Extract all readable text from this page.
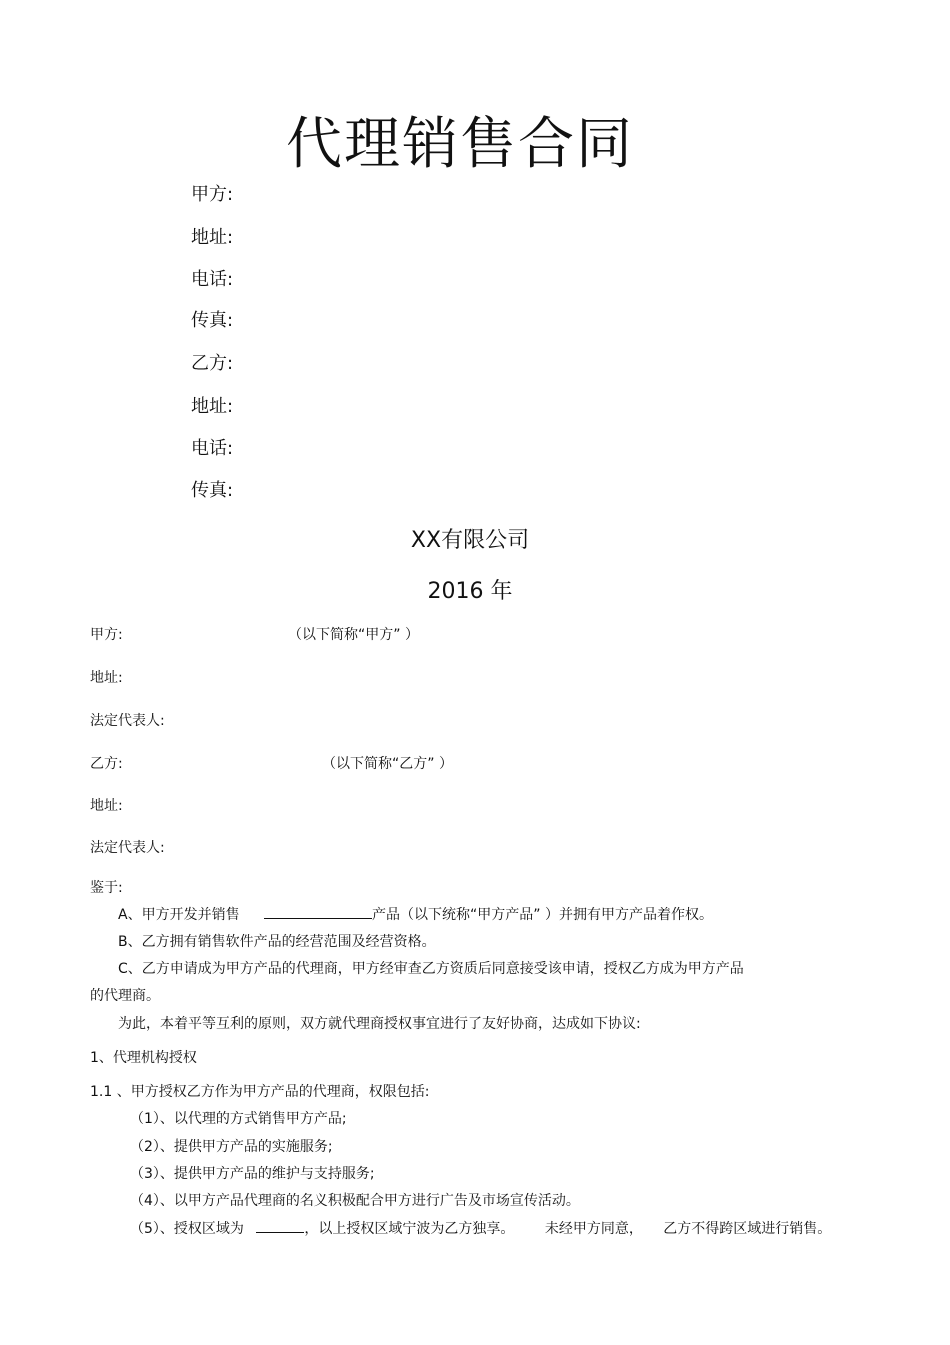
代理销售合同
甲方:
地址:
电话:
传真:
乙方:
地址:
电话:
传真:
XX有限公司
2016 年
甲方:	（以下简称“甲方” ）
地址:
法定代表人:
乙方:	（以下简称“乙方” ）
地址:
法定代表人:
鉴于:
A、甲方开发并销售	产品（以下统称“甲方产品” ）并拥有甲方产品着作权。
B、乙方拥有销售软件产品的经营范围及经营资格。
C、乙方申请成为甲方产品的代理商，甲方经审查乙方资质后同意接受该申请，授权乙方成为甲方产品
的代理商。
为此，本着平等互利的原则，双方就代理商授权事宜进行了友好协商，达成如下协议:
1、代理机构授权
1.1 、甲方授权乙方作为甲方产品的代理商，权限包括:
（1）、以代理的方式销售甲方产品;
（2）、提供甲方产品的实施服务;
（3）、提供甲方产品的维护与支持服务;
（4）、以甲方产品代理商的名义积极配合甲方进行广告及市场宣传活动。
（5）、授权区域为	，以上授权区域宁波为乙方独享。 未经甲方同意， 乙方不得跨区域进行销售。
